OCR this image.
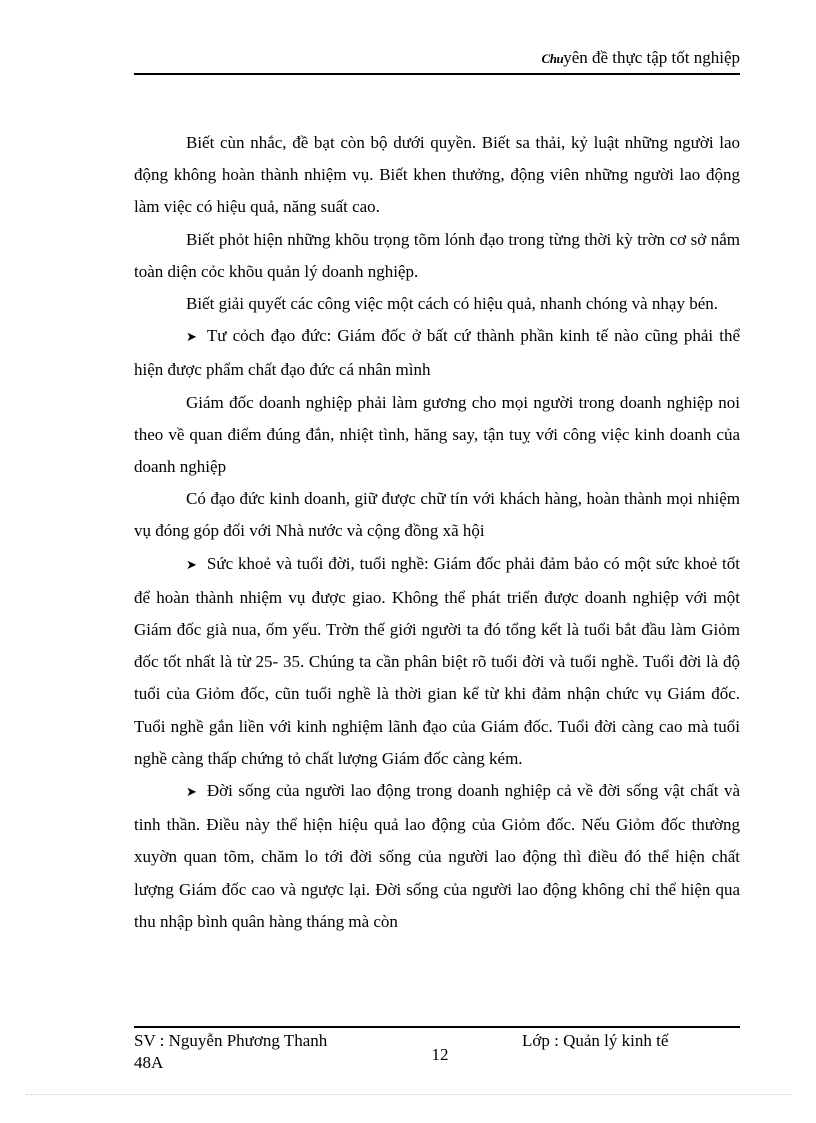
Chuyên đề thực tập tốt nghiệp

Biết cùn nhắc, đề bạt còn bộ dưới quyền. Biết sa thải, kỷ luật những người lao động không hoàn thành nhiệm vụ. Biết khen thưởng, động viên những người lao động làm việc có hiệu quả, năng suất cao.

Biết phỏt hiện những khõu trọng tõm lónh đạo trong từng thời kỳ trờn cơ sở nắm toàn diện cỏc khõu quản lý doanh nghiệp.

Biết giải quyết các công việc một cách có hiệu quả, nhanh chóng và nhạy bén.

➤ Tư cỏch đạo đức: Giám đốc ở bất cứ thành phần kinh tế nào cũng phải thể hiện được phẩm chất đạo đức cá nhân mình

Giám đốc doanh nghiệp phải làm gương cho mọi người trong doanh nghiệp noi theo về quan điểm đúng đắn, nhiệt tình, hăng say, tận tuỵ với công việc kinh doanh của doanh nghiệp

Có đạo đức kinh doanh, giữ được chữ tín với khách hàng, hoàn thành mọi nhiệm vụ đóng góp đối với Nhà nước và cộng đồng xã hội

➤ Sức khoẻ và tuổi đời, tuổi nghề: Giám đốc phải đảm bảo có một sức khoẻ tốt để hoàn thành nhiệm vụ được giao. Không thể phát triển được doanh nghiệp với một Giám đốc già nua, ốm yếu. Trờn thế giới người ta đó tổng kết là tuổi bắt đầu làm Giỏm đốc tốt nhất là từ 25- 35. Chúng ta cần phân biệt rõ tuổi đời và tuổi nghề. Tuổi đời là độ tuổi của Giỏm đốc, cũn tuổi nghề là thời gian kể từ khi đảm nhận chức vụ Giám đốc. Tuổi nghề gắn liền với kinh nghiệm lãnh đạo của Giám đốc. Tuổi đời càng cao mà tuổi nghề càng thấp chứng tỏ chất lượng Giám đốc càng kém.

➤ Đời sống của người lao động trong doanh nghiệp cả về đời sống vật chất và tinh thần. Điều này thể hiện hiệu quả lao động của Giỏm đốc. Nếu Giỏm đốc thường xuyờn quan tõm, chăm lo tới đời sống của người lao động thì điều đó thể hiện chất lượng Giám đốc cao và ngược lại. Đời sống của người lao động không chỉ thể hiện qua thu nhập bình quân hàng tháng mà còn

SV : Nguyễn Phương Thanh
48A	12
Lớp : Quản lý kinh tế
